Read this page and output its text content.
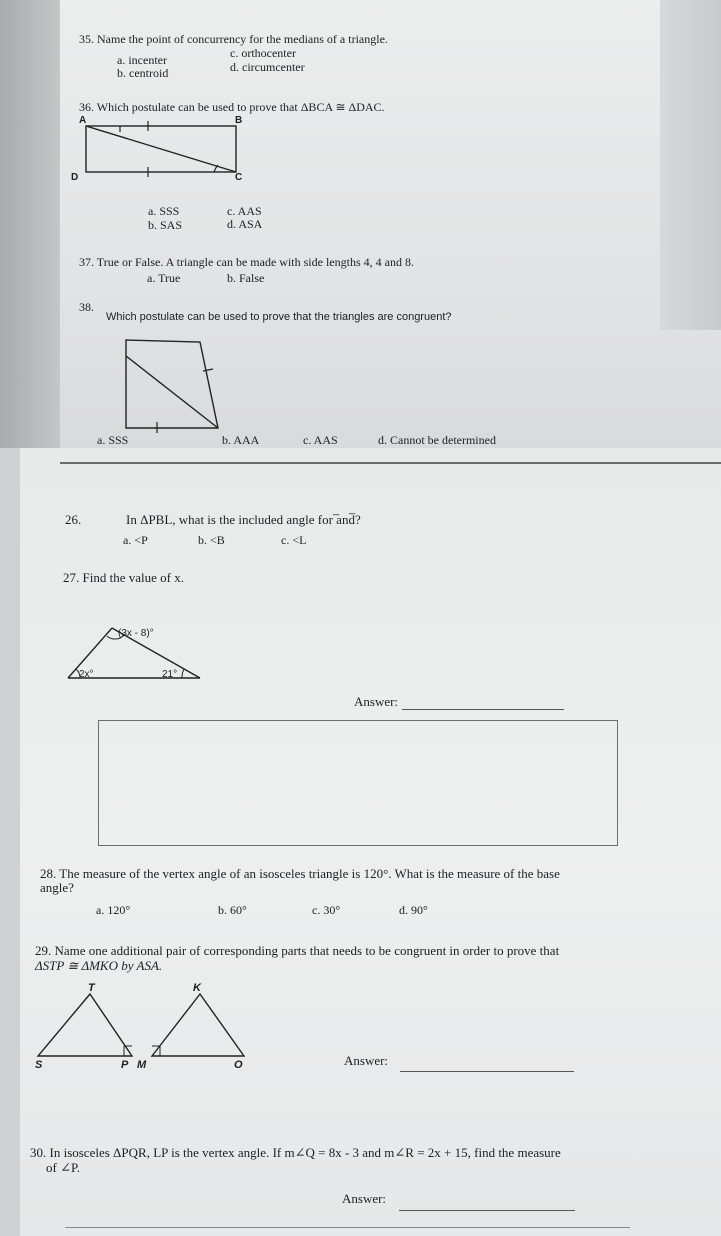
35. Name the point of concurrency for the medians of a triangle.
a. incenter
b. centroid
c. orthocenter
d. circumcenter
36. Which postulate can be used to prove that ΔBCA ≅ ΔDAC.
A	B
C
D
a. SSS
b. SAS
c. AAS
d. ASA
37. True or False. A triangle can be made with side lengths 4, 4 and 8.
a. True	b. False
38.
Which postulate can be used to prove that the triangles are congruent?
a. SSS	b. AAA	c. AAS	d. Cannot be determined
26.	In ΔPBL, what is the included angle for ̅and̅?
a. <P	b. <B	c. <L
27. Find the value of x.
(3x - 8)°
2x°	21°
Answer:
28. The measure of the vertex angle of an isosceles triangle is 120°. What is the measure of the base
angle?
a. 120°	b. 60°	c. 30°	d. 90°
29. Name one additional pair of corresponding parts that needs to be congruent in order to prove that
ΔSTP ≅ ΔMKO by ASA.
T	K
S	P M	O	Answer:
30. In isosceles ΔPQR, LP is the vertex angle. If m∠Q = 8x - 3 and m∠R = 2x + 15, find the measure
of ∠P.
Answer:
